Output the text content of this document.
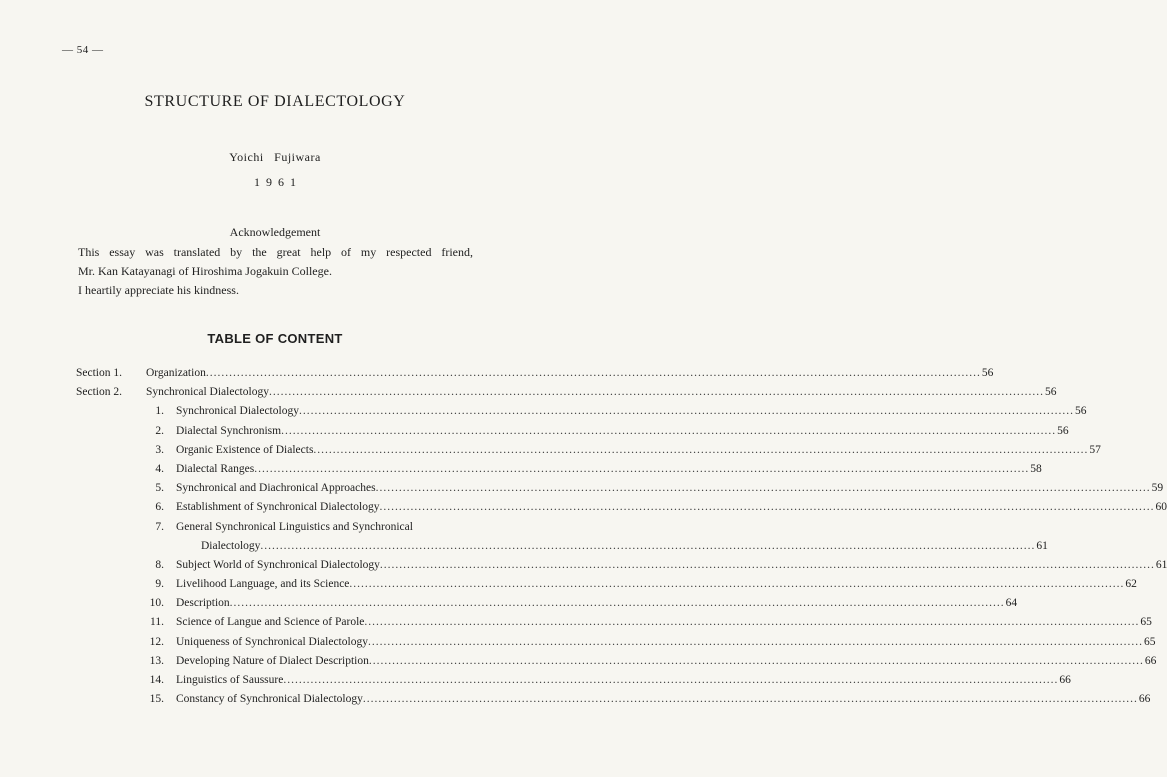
— 54 —
STRUCTURE OF DIALECTOLOGY
Yoichi   Fujiwara
1961
Acknowledgement
This essay was translated by the great help of my respected friend,
Mr. Kan Katayanagi of Hiroshima Jogakuin College.
I heartily appreciate his kindness.
TABLE OF CONTENT
Section 1. Organization ........................................................................................................................................................................................................ 56
Section 2. Synchronical Dialectology ........................................................................................................................................................................................................ 56
1. Synchronical Dialectology ........................................................................................................................................................................................................ 56
2. Dialectal Synchronism ........................................................................................................................................................................................................ 56
3. Organic Existence of Dialects ........................................................................................................................................................................................................ 57
4. Dialectal Ranges ........................................................................................................................................................................................................ 58
5. Synchronical and Diachronical Approaches ........................................................................................................................................................................................................ 59
6. Establishment of Synchronical Dialectology ........................................................................................................................................................................................................ 60
7. General Synchronical Linguistics and Synchronical
Dialectology ........................................................................................................................................................................................................ 61
8. Subject World of Synchronical Dialectology ........................................................................................................................................................................................................ 61
9. Livelihood Language, and its Science ........................................................................................................................................................................................................ 62
10. Description ........................................................................................................................................................................................................ 64
11. Science of Langue and Science of Parole ........................................................................................................................................................................................................ 65
12. Uniqueness of Synchronical Dialectology ........................................................................................................................................................................................................ 65
13. Developing Nature of Dialect Description ........................................................................................................................................................................................................ 66
14. Linguistics of Saussure ........................................................................................................................................................................................................ 66
15. Constancy of Synchronical Dialectology ........................................................................................................................................................................................................ 66
